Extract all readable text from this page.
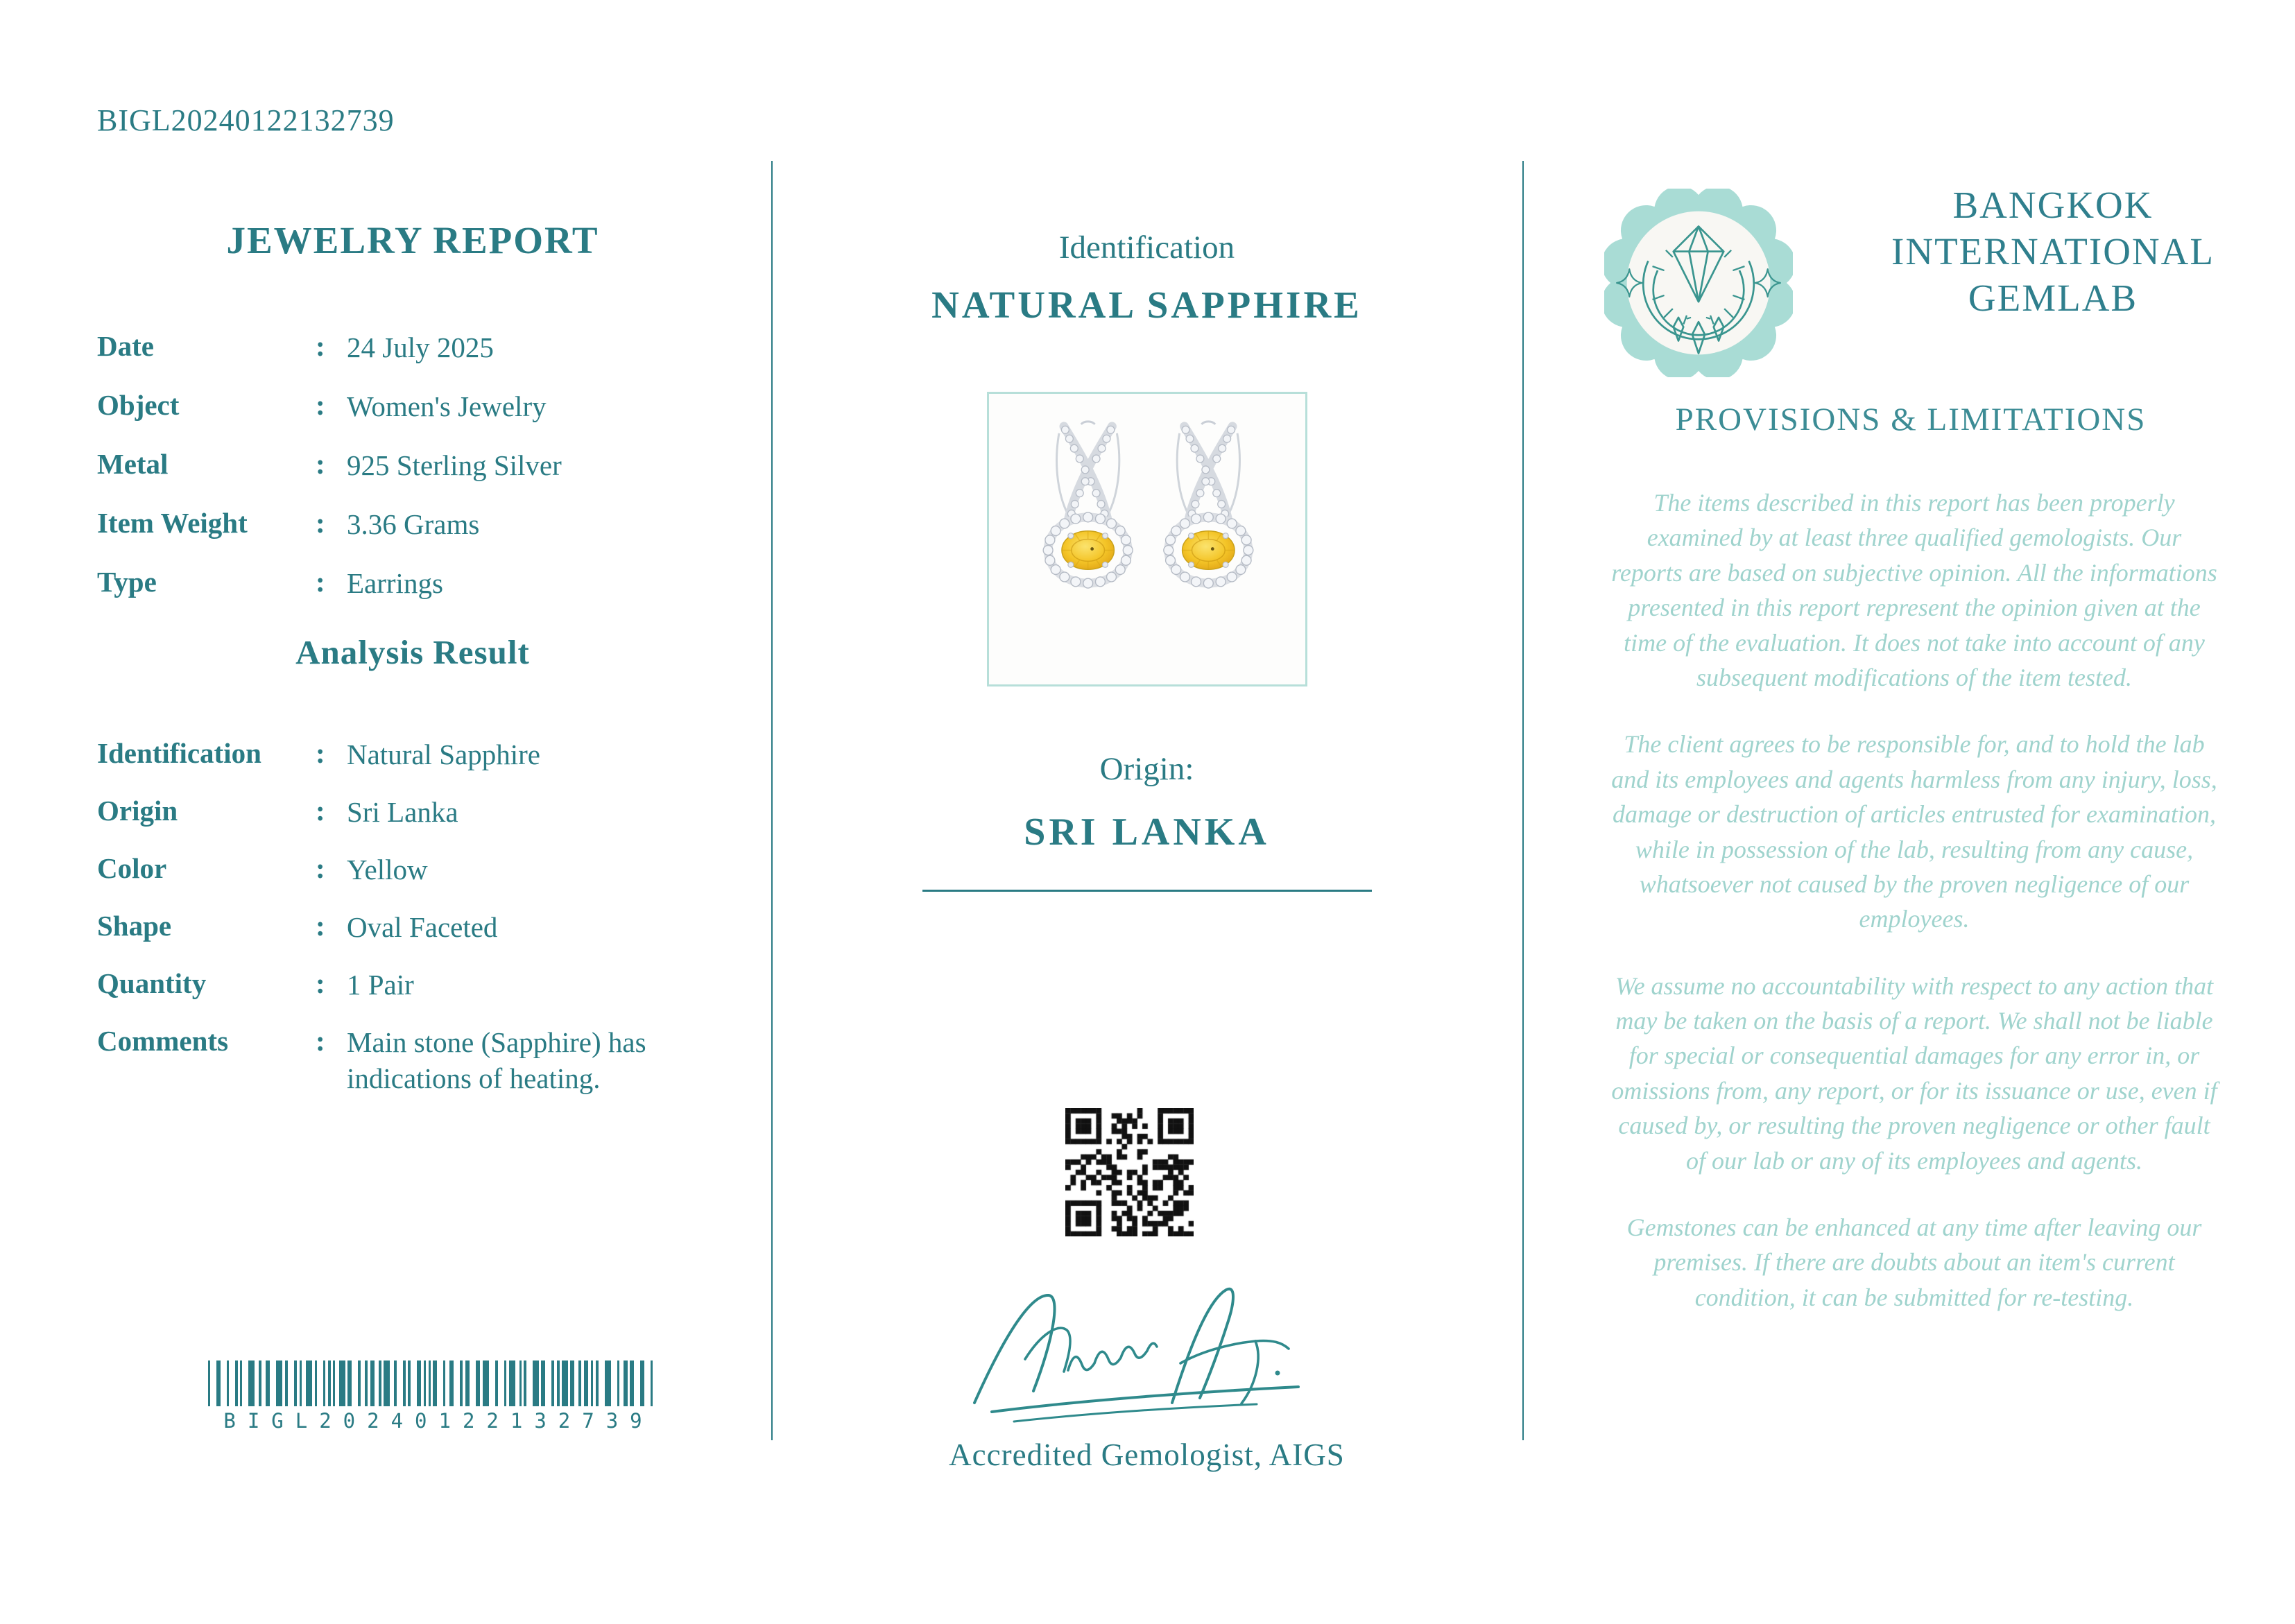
BIGL20240122132739
JEWELRY REPORT
Date	: 24 July 2025
Object	: Women's Jewelry
Metal	: 925 Sterling Silver
Item Weight	: 3.36 Grams
Type	: Earrings
Analysis Result
Identification	: Natural Sapphire
Origin	: Sri Lanka
Color	: Yellow
Shape	: Oval Faceted
Quantity	: 1 Pair
Comments	: Main stone (Sapphire) has indications of heating.
BIGL20240122132739
Identification
NATURAL SAPPHIRE
Origin:
SRI LANKA
Accredited Gemologist, AIGS
BANGKOK
INTERNATIONAL
GEMLAB
PROVISIONS & LIMITATIONS

The items described in this report has been properly examined by at least three qualified gemologists. Our reports are based on subjective opinion. All the informations presented in this report represent the opinion given at the time of the evaluation. It does not take into account of any subsequent modifications of the item tested.

The client agrees to be responsible for, and to hold the lab and its employees and agents harmless from any injury, loss, damage or destruction of articles entrusted for examination, while in possession of the lab, resulting from any cause, whatsoever not caused by the proven negligence of our employees.

We assume no accountability with respect to any action that may be taken on the basis of a report. We shall not be liable for special or consequential damages for any error in, or omissions from, any report, or for its issuance or use, even if caused by, or resulting the proven negligence or other fault of our lab or any of its employees and agents.

Gemstones can be enhanced at any time after leaving our premises. If there are doubts about an item's current condition, it can be submitted for re-testing.
